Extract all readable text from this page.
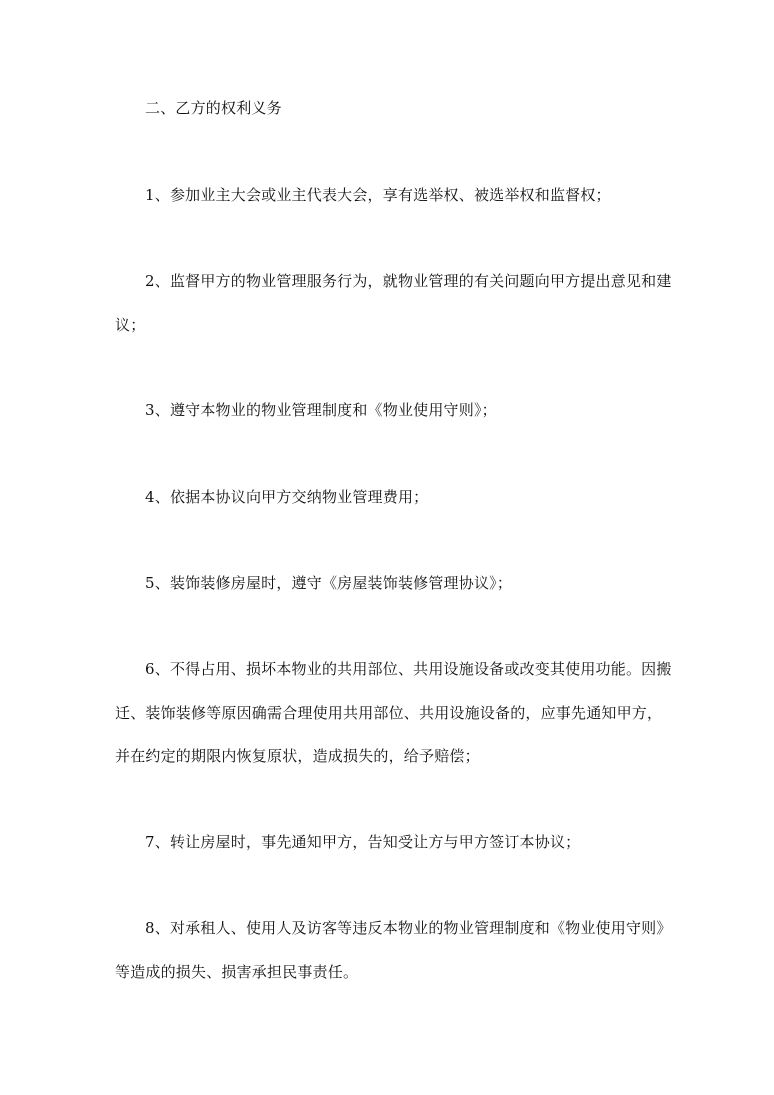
二、乙方的权利义务

1、参加业主大会或业主代表大会，享有选举权、被选举权和监督权；

2、监督甲方的物业管理服务行为，就物业管理的有关问题向甲方提出意见和建

议；

3、遵守本物业的物业管理制度和《物业使用守则》；

4、依据本协议向甲方交纳物业管理费用；

5、装饰装修房屋时，遵守《房屋装饰装修管理协议》；

6、不得占用、损坏本物业的共用部位、共用设施设备或改变其使用功能。因搬

迁、装饰装修等原因确需合理使用共用部位、共用设施设备的，应事先通知甲方，

并在约定的期限内恢复原状，造成损失的，给予赔偿；

7、转让房屋时，事先通知甲方，告知受让方与甲方签订本协议；

8、对承租人、使用人及访客等违反本物业的物业管理制度和《物业使用守则》

等造成的损失、损害承担民事责任。
